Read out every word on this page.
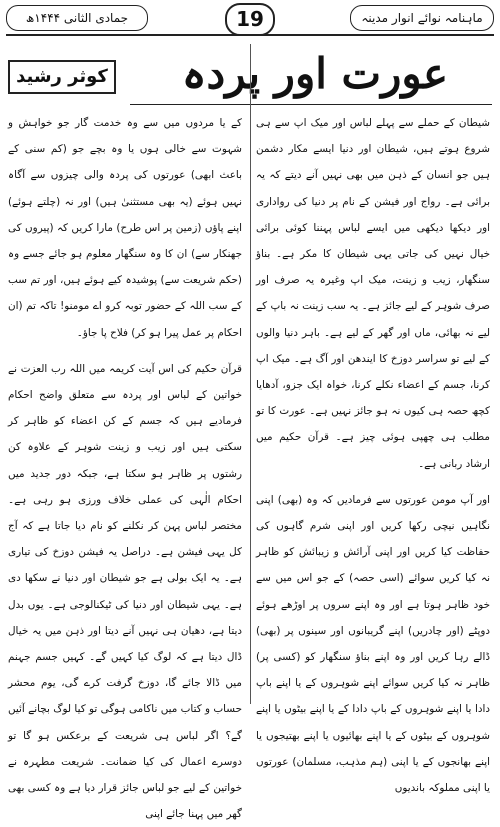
جمادی الثانی ۱۴۴۴ھ	19	ماہنامہ نوائے انوار مدینہ
عورت اور پردہ
کوثر رشید

شیطان کے حملے سے پہلے لباس اور میک اپ سے ہی شروع ہوتے ہیں، شیطان اور دنیا ایسے مکار دشمن ہیں جو انسان کے ذہن میں بھی نہیں آنے دیتے کہ یہ برائی ہے۔ رواج اور فیشن کے نام پر دنیا کی رواداری اور دیکھا دیکھی میں ایسے لباس پہننا کوئی برائی خیال نہیں کی جاتی یہی شیطان کا مکر ہے۔ بناؤ سنگھار، زیب و زینت، میک اپ وغیرہ یہ صرف اور صرف شوہر کے لیے جائز ہے۔ یہ سب زینت نہ باپ کے لیے نہ بھائی، ماں اور گھر کے لیے ہے۔ باہر دنیا والوں کے لیے تو سراسر دوزخ کا ایندھن اور آگ ہے۔ میک اپ کرنا، جسم کے اعضاء نکلے کرنا، خواہ ایک جزو، آدھایا کچھ حصہ ہی کیوں نہ ہو جائز نہیں ہے۔ عورت کا تو مطلب ہی چھپی ہوئی چیز ہے۔ قرآن حکیم میں ارشاد ربانی ہے۔

اور آپ مومن عورتوں سے فرمادیں کہ وہ (بھی) اپنی نگاہیں نیچی رکھا کریں اور اپنی شرم گاہوں کی حفاظت کیا کریں اور اپنی آرائش و زیبائش کو ظاہر نہ کیا کریں سوائے (اسی حصہ) کے جو اس میں سے خود ظاہر ہوتا ہے اور وہ اپنے سروں پر اوڑھے ہوئے دوپٹے (اور چادریں) اپنے گریبانوں اور سینوں پر (بھی) ڈالے رہا کریں اور وہ اپنے بناؤ سنگھار کو (کسی پر) ظاہر نہ کیا کریں سوائے اپنے شوہروں کے یا اپنے باپ دادا یا اپنے شوہروں کے باپ دادا کے یا اپنے بیٹوں یا اپنے شوہروں کے بیٹوں کے یا اپنے بھائیوں یا اپنے بھتیجوں یا اپنے بھانجوں کے یا اپنی (ہم مذہب، مسلمان) عورتوں یا اپنی مملوکہ باندیوں

کے یا مردوں میں سے وہ خدمت گار جو خواہش و شہوت سے خالی ہوں یا وہ بچے جو (کم سنی کے باعث ابھی) عورتوں کی پردہ والی چیزوں سے آگاہ نہیں ہوئے (یہ بھی مستثنیٰ ہیں) اور نہ (چلتے ہوئے) اپنے پاؤں (زمین پر اس طرح) مارا کریں کہ (پیروں کی جھنکار سے) ان کا وہ سنگھار معلوم ہو جائے جسے وہ (حکم شریعت سے) پوشیدہ کیے ہوئے ہیں، اور تم سب کے سب اللہ کے حضور توبہ کرو اے مومنو! تاکہ تم (ان احکام پر عمل پیرا ہو کر) فلاح پا جاؤ۔

قرآن حکیم کی اس آیت کریمہ میں اللہ رب العزت نے خواتین کے لباس اور پردہ سے متعلق واضح احکام فرمادیے ہیں کہ جسم کے کن اعضاء کو ظاہر کر سکتی ہیں اور زیب و زینت شوہر کے علاوہ کن رشتوں پر ظاہر ہو سکتا ہے، جبکہ دور جدید میں احکام الٰہی کی عملی خلاف ورزی ہو رہی ہے۔ مختصر لباس پہن کر نکلنے کو نام دیا جاتا ہے کہ آج کل یہی فیشن ہے۔ دراصل یہ فیشن دوزخ کی تیاری ہے۔ یہ ایک بولی ہے جو شیطان اور دنیا نے سکھا دی ہے۔ یہی شیطان اور دنیا کی ٹیکنالوجی ہے۔ یوں بدل دیتا ہے، دھیان ہی نہیں آنے دیتا اور ذہن میں یہ خیال ڈال دیتا ہے کہ لوگ کیا کہیں گے۔ کہیں جسم جہنم میں ڈالا جائے گا، دوزخ گرفت کرے گی، یوم محشر حساب و کتاب میں ناکامی ہوگی تو کیا لوگ بچانے آئیں گے؟ اگر لباس ہی شریعت کے برعکس ہو گا تو دوسرے اعمال کی کیا ضمانت۔ شریعت مطہرہ نے خواتین کے لیے جو لباس جائز قرار دیا ہے وہ کسی بھی گھر میں پہنا جائے اپنی
